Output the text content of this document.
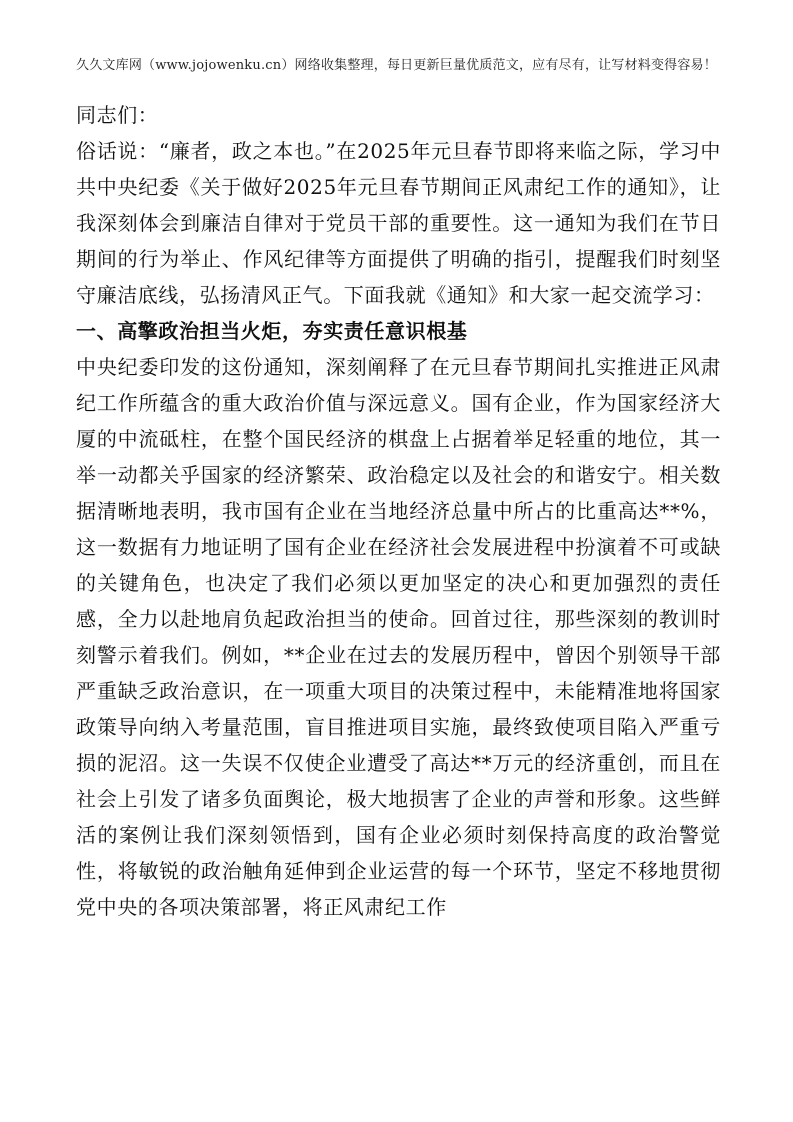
久久文库网（www.jojowenku.cn）网络收集整理，每日更新巨量优质范文，应有尽有，让写材料变得容易！

同志们：

俗话说：“廉者，政之本也。”在2025年元旦春节即将来临之际，学习中共中央纪委《关于做好2025年元旦春节期间正风肃纪工作的通知》，让我深刻体会到廉洁自律对于党员干部的重要性。这一通知为我们在节日期间的行为举止、作风纪律等方面提供了明确的指引，提醒我们时刻坚守廉洁底线，弘扬清风正气。下面我就《通知》和大家一起交流学习：

一、高擎政治担当火炬，夯实责任意识根基

中央纪委印发的这份通知，深刻阐释了在元旦春节期间扎实推进正风肃纪工作所蕴含的重大政治价值与深远意义。国有企业，作为国家经济大厦的中流砥柱，在整个国民经济的棋盘上占据着举足轻重的地位，其一举一动都关乎国家的经济繁荣、政治稳定以及社会的和谐安宁。相关数据清晰地表明，我市国有企业在当地经济总量中所占的比重高达**%，这一数据有力地证明了国有企业在经济社会发展进程中扮演着不可或缺的关键角色，也决定了我们必须以更加坚定的决心和更加强烈的责任感，全力以赴地肩负起政治担当的使命。回首过往，那些深刻的教训时刻警示着我们。例如，**企业在过去的发展历程中，曾因个别领导干部严重缺乏政治意识，在一项重大项目的决策过程中，未能精准地将国家政策导向纳入考量范围，盲目推进项目实施，最终致使项目陷入严重亏损的泥沼。这一失误不仅使企业遭受了高达**万元的经济重创，而且在社会上引发了诸多负面舆论，极大地损害了企业的声誉和形象。这些鲜活的案例让我们深刻领悟到，国有企业必须时刻保持高度的政治警觉性，将敏锐的政治触角延伸到企业运营的每一个环节，坚定不移地贯彻党中央的各项决策部署，将正风肃纪工作
